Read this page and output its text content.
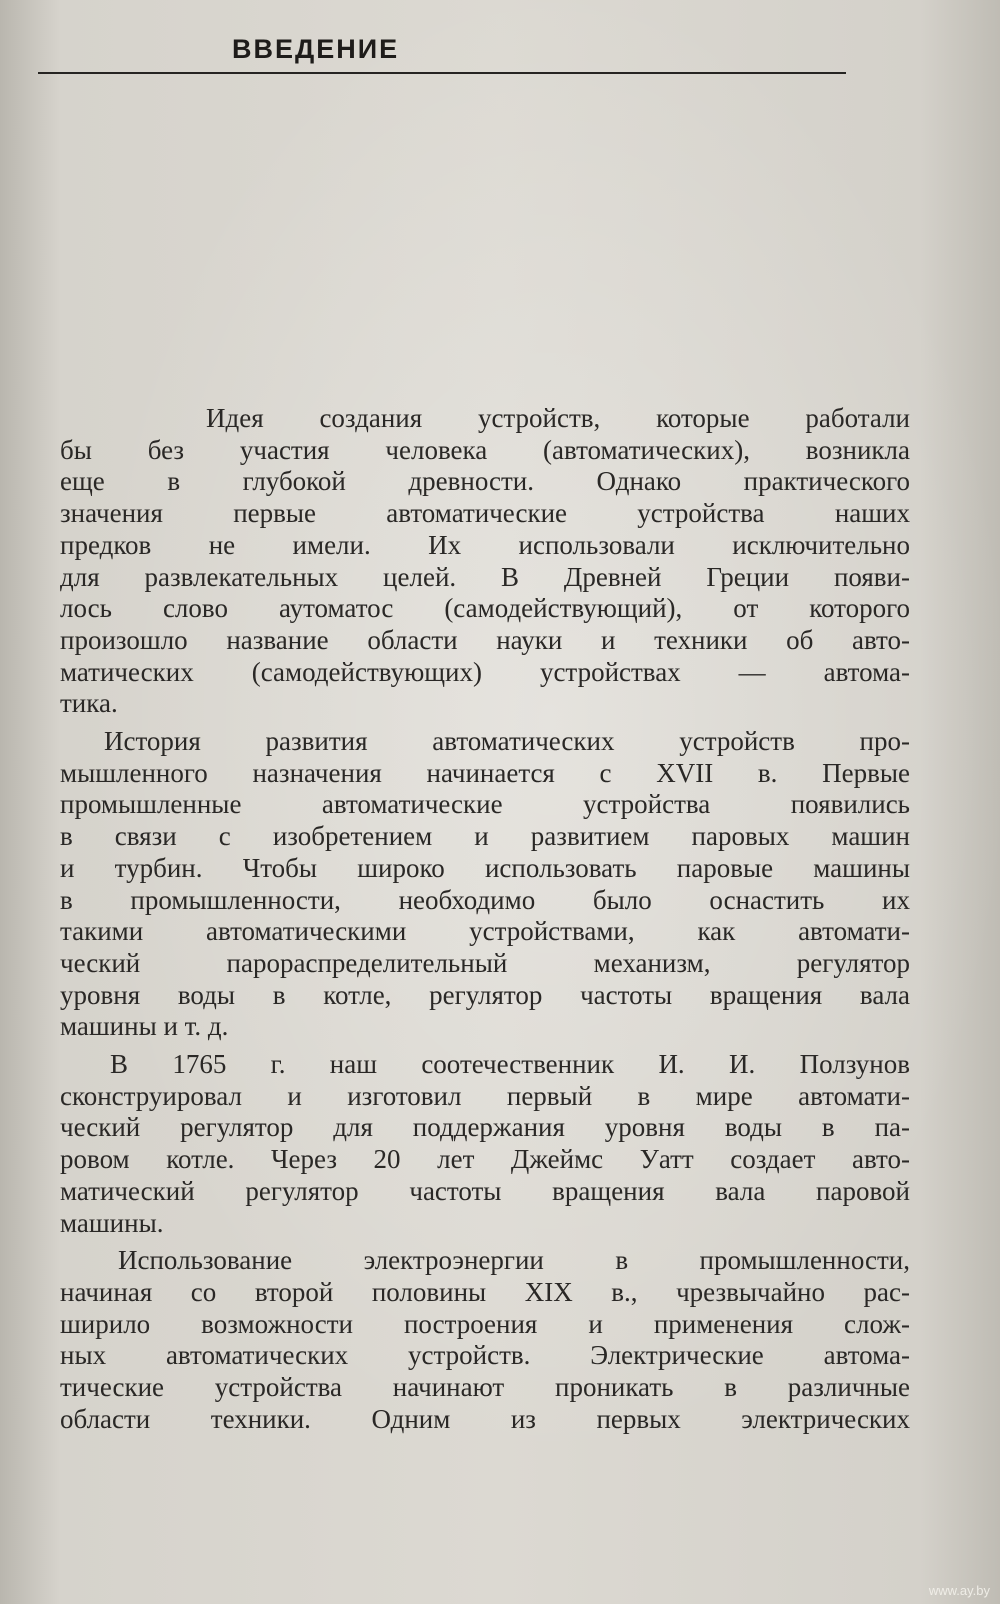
ВВЕДЕНИЕ

Идея создания устройств, которые работали
бы без участия человека (автоматических), возникла
еще в глубокой древности. Однако практического
значения первые автоматические устройства наших
предков не имели. Их использовали исключительно
для развлекательных целей. В Древней Греции появи-
лось слово аутоматос (самодействующий), от которого
произошло название области науки и техники об авто-
матических (самодействующих) устройствах — автома-
тика.

История развития автоматических устройств про-
мышленного назначения начинается с XVII в. Первые
промышленные автоматические устройства появились
в связи с изобретением и развитием паровых машин
и турбин. Чтобы широко использовать паровые машины
в промышленности, необходимо было оснастить их
такими автоматическими устройствами, как автомати-
ческий парораспределительный механизм, регулятор
уровня воды в котле, регулятор частоты вращения вала
машины и т. д.

В 1765 г. наш соотечественник И. И. Ползунов
сконструировал и изготовил первый в мире автомати-
ческий регулятор для поддержания уровня воды в па-
ровом котле. Через 20 лет Джеймс Уатт создает авто-
матический регулятор частоты вращения вала паровой
машины.

Использование электроэнергии в промышленности,
начиная со второй половины XIX в., чрезвычайно рас-
ширило возможности построения и применения слож-
ных автоматических устройств. Электрические автома-
тические устройства начинают проникать в различные
области техники. Одним из первых электрических

www.ay.by
